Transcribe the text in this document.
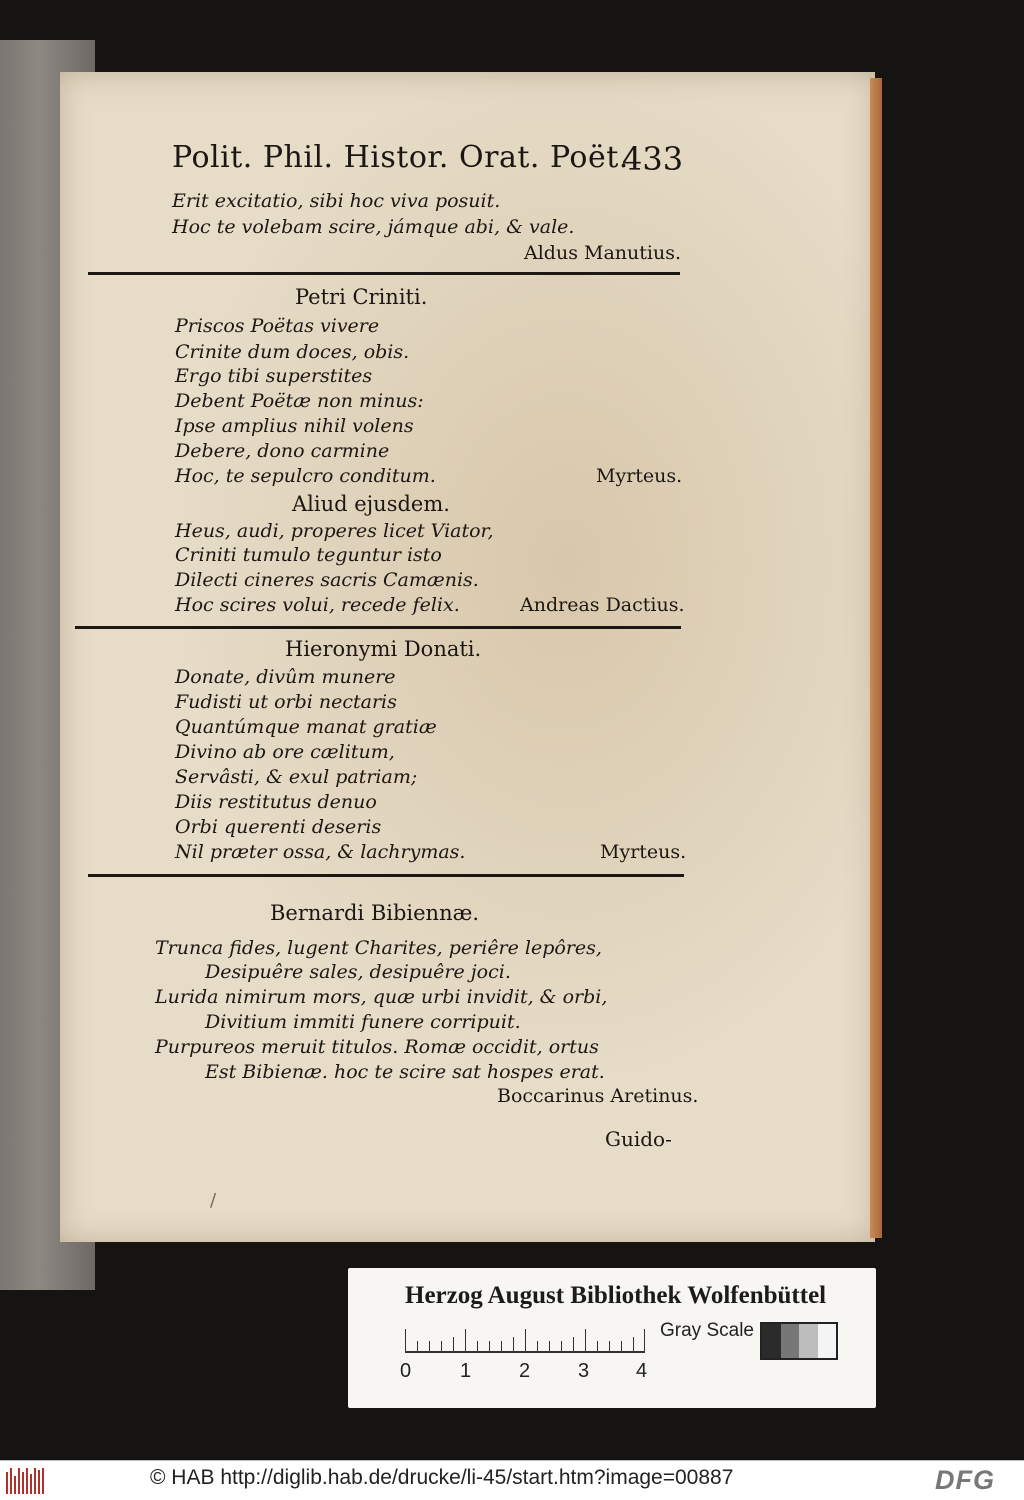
Polit. Phil. Histor. Orat. Poët.
433
Erit excitatio, sibi hoc viva posuit.
Hoc te volebam scire, jámque abi, & vale.
Aldus Manutius.
Petri Criniti.
Priscos Poëtas vivere
Crinite dum doces, obis.
Ergo tibi superstites
Debent Poëtæ non minus:
Ipse amplius nihil volens
Debere, dono carmine
Hoc, te sepulcro conditum.	Myrteus.
Aliud ejusdem.
Heus, audi, properes licet Viator,
Criniti tumulo teguntur isto
Dilecti cineres sacris Camænis.
Hoc scires volui, recede felix.	Andreas Dactius.
Hieronymi Donati.
Donate, divûm munere
Fudisti ut orbi nectaris
Quantúmque manat gratiæ
Divino ab ore cælitum,
Servâsti, & exul patriam;
Diis restitutus denuo
Orbi querenti deseris
Nil præter ossa, & lachrymas.	Myrteus.
Bernardi Bibiennæ.
Trunca fides, lugent Charites, periêre lepôres,
Desipuêre sales, desipuêre joci.
Lurida nimirum mors, quæ urbi invidit, & orbi,
Divitium immiti funere corripuit.
Purpureos meruit titulos. Romæ occidit, ortus
Est Bibienæ. hoc te scire sat hospes erat.
Boccarinus Aretinus.
Guido-
/
Herzog August Bibliothek Wolfenbüttel
0 1 2 3 4
Gray Scale
© HAB http://diglib.hab.de/drucke/li-45/start.htm?image=00887	DFG
